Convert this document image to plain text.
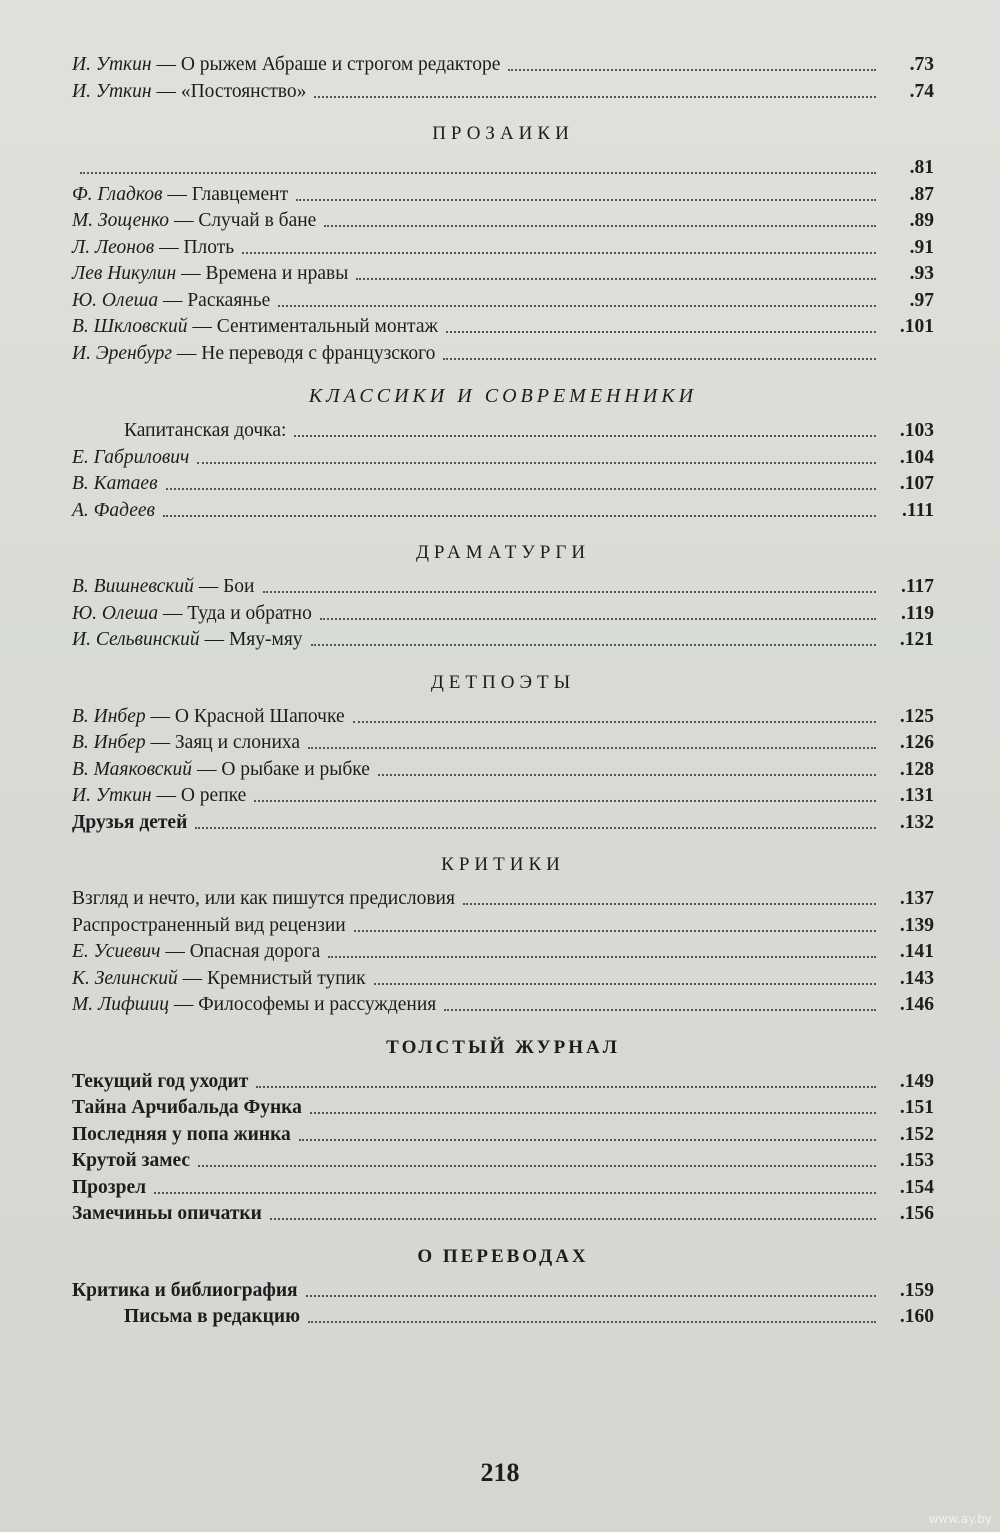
И. Уткин — О рыжем Абраше и строгом редакторе	.73
И. Уткин — «Постоянство»	.74
ПРОЗАИКИ
.81
Ф. Гладков — Главцемент	.87
М. Зощенко — Случай в бане	.89
Л. Леонов — Плоть	.91
Лев Никулин — Времена и нравы	.93
Ю. Олеша — Раскаянье	.97
В. Шкловский — Сентиментальный монтаж	.101
И. Эренбург — Не переводя с французского
КЛАССИКИ И СОВРЕМЕННИКИ
Капитанская дочка:	.103
Е. Габрилович	.104
В. Катаев	.107
А. Фадеев	.111
ДРАМАТУРГИ
В. Вишневский — Бои	.117
Ю. Олеша — Туда и обратно	.119
И. Сельвинский — Мяу-мяу	.121
ДЕТПОЭТЫ
В. Инбер — О Красной Шапочке	.125
В. Инбер — Заяц и слониха	.126
В. Маяковский — О рыбаке и рыбке	.128
И. Уткин — О репке	.131
Друзья детей	.132
КРИТИКИ
Взгляд и нечто, или как пишутся предисловия	.137
Распространенный вид рецензии	.139
Е. Усиевич — Опасная дорога	.141
К. Зелинский — Кремнистый тупик	.143
М. Лифшиц — Философемы и рассуждения	.146
ТОЛСТЫЙ ЖУРНАЛ
Текущий год уходит	.149
Тайна Арчибальда Функа	.151
Последняя у попа жинка	.152
Крутой замес	.153
Прозрел	.154
Замечиньы опичатки	.156
О ПЕРЕВОДАХ
Критика и библиография	.159
Письма в редакцию	.160
218
www.ay.by
